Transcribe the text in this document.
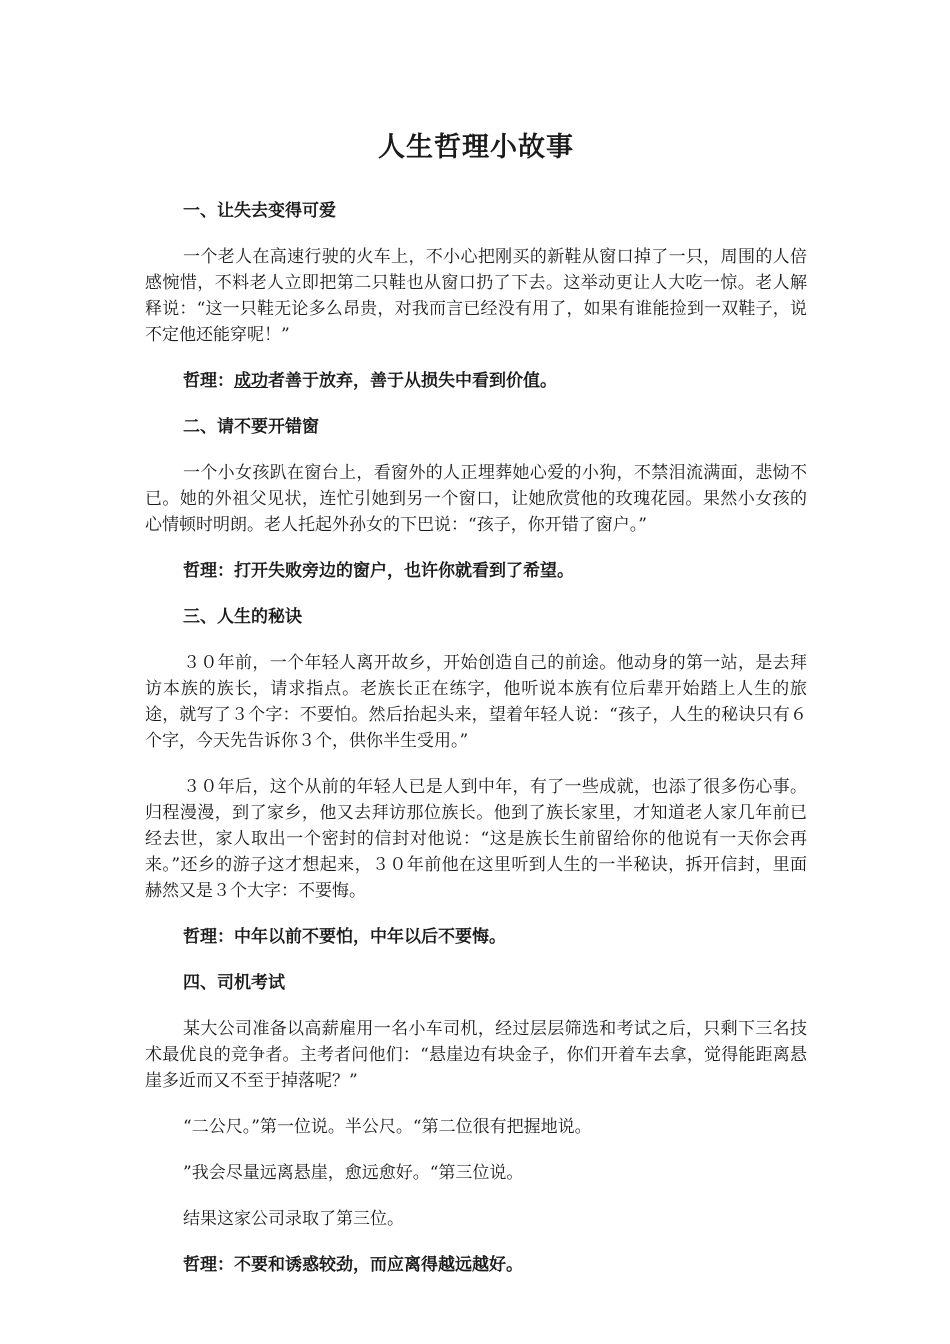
人生哲理小故事
一、让失去变得可爱

一个老人在高速行驶的火车上，不小心把刚买的新鞋从窗口掉了一只，周围的人倍感惋惜，不料老人立即把第二只鞋也从窗口扔了下去。这举动更让人大吃一惊。老人解释说：“这一只鞋无论多么昂贵，对我而言已经没有用了，如果有谁能捡到一双鞋子，说不定他还能穿呢！”

哲理：成功者善于放弃，善于从损失中看到价值。

二、请不要开错窗

一个小女孩趴在窗台上，看窗外的人正埋葬她心爱的小狗，不禁泪流满面，悲恸不已。她的外祖父见状，连忙引她到另一个窗口，让她欣赏他的玫瑰花园。果然小女孩的心情顿时明朗。老人托起外孙女的下巴说：“孩子，你开错了窗户。”

哲理：打开失败旁边的窗户，也许你就看到了希望。

三、人生的秘诀

３０年前，一个年轻人离开故乡，开始创造自己的前途。他动身的第一站，是去拜访本族的族长，请求指点。老族长正在练字，他听说本族有位后辈开始踏上人生的旅途，就写了３个字：不要怕。然后抬起头来，望着年轻人说：“孩子，人生的秘诀只有６个字，今天先告诉你３个，供你半生受用。”

３０年后，这个从前的年轻人已是人到中年，有了一些成就，也添了很多伤心事。归程漫漫，到了家乡，他又去拜访那位族长。他到了族长家里，才知道老人家几年前已经去世，家人取出一个密封的信封对他说：“这是族长生前留给你的他说有一天你会再来。”还乡的游子这才想起来，３０年前他在这里听到人生的一半秘诀，拆开信封，里面赫然又是３个大字：不要悔。

哲理：中年以前不要怕，中年以后不要悔。

四、司机考试

某大公司准备以高薪雇用一名小车司机，经过层层筛选和考试之后，只剩下三名技术最优良的竞争者。主考者问他们：“悬崖边有块金子，你们开着车去拿，觉得能距离悬崖多近而又不至于掉落呢？”

“二公尺。”第一位说。半公尺。“第二位很有把握地说。

”我会尽量远离悬崖，愈远愈好。“第三位说。

结果这家公司录取了第三位。

哲理：不要和诱惑较劲，而应离得越远越好。
